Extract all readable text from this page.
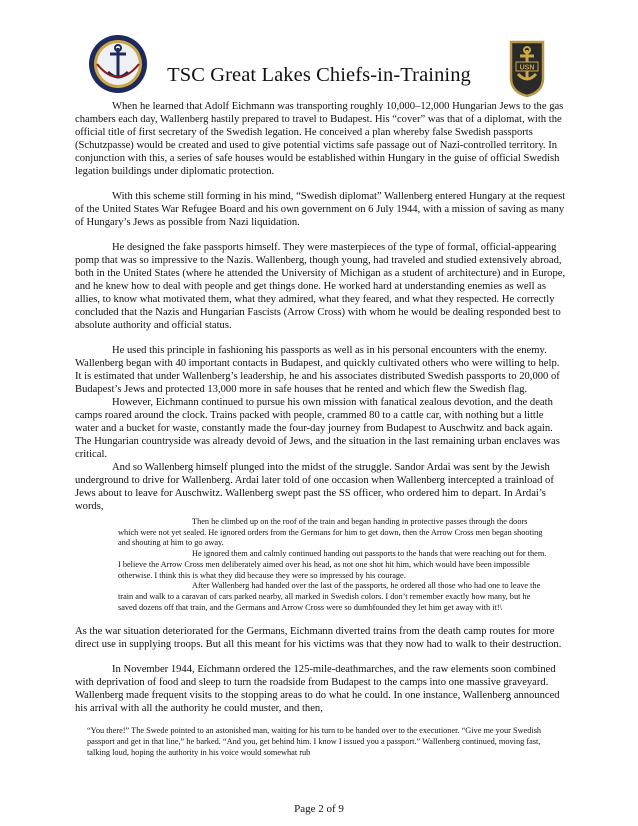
USN
TSC Great Lakes Chiefs-in-Training

When he learned that Adolf Eichmann was transporting roughly 10,000–12,000 Hungarian Jews to the gas chambers each day, Wallenberg hastily prepared to travel to Budapest. His “cover” was that of a diplomat, with the official title of first secretary of the Swedish legation. He conceived a plan whereby false Swedish passports (Schutzpasse) would be created and used to give potential victims safe passage out of Nazi-controlled territory. In conjunction with this, a series of safe houses would be established within Hungary in the guise of official Swedish legation buildings under diplomatic protection.

With this scheme still forming in his mind, “Swedish diplomat” Wallenberg entered Hungary at the request of the United States War Refugee Board and his own government on 6 July 1944, with a mission of saving as many of Hungary’s Jews as possible from Nazi liquidation.

He designed the fake passports himself. They were masterpieces of the type of formal, official-appearing pomp that was so impressive to the Nazis. Wallenberg, though young, had traveled and studied extensively abroad, both in the United States (where he attended the University of Michigan as a student of architecture) and in Europe, and he knew how to deal with people and get things done. He worked hard at understanding enemies as well as allies, to know what motivated them, what they admired, what they feared, and what they respected. He correctly concluded that the Nazis and Hungarian Fascists (Arrow Cross) with whom he would be dealing responded best to absolute authority and official status.

He used this principle in fashioning his passports as well as in his personal encounters with the enemy. Wallenberg began with 40 important contacts in Budapest, and quickly cultivated others who were willing to help. It is estimated that under Wallenberg’s leadership, he and his associates distributed Swedish passports to 20,000 of Budapest’s Jews and protected 13,000 more in safe houses that he rented and which flew the Swedish flag.

However, Eichmann continued to pursue his own mission with fanatical zealous devotion, and the death camps roared around the clock. Trains packed with people, crammed 80 to a cattle car, with nothing but a little water and a bucket for waste, constantly made the four-day journey from Budapest to Auschwitz and back again. The Hungarian countryside was already devoid of Jews, and the situation in the last remaining urban enclaves was critical.

And so Wallenberg himself plunged into the midst of the struggle. Sandor Ardai was sent by the Jewish underground to drive for Wallenberg. Ardai later told of one occasion when Wallenberg intercepted a trainload of Jews about to leave for Auschwitz. Wallenberg swept past the SS officer, who ordered him to depart. In Ardai’s words,

Then he climbed up on the roof of the train and began handing in protective passes through the doors which were not yet sealed. He ignored orders from the Germans for him to get down, then the Arrow Cross men began shooting and shouting at him to go away.
He ignored them and calmly continued handing out passports to the hands that were reaching out for them. I believe the Arrow Cross men deliberately aimed over his head, as not one shot hit him, which would have been impossible otherwise. I think this is what they did because they were so impressed by his courage.
After Wallenberg had handed over the last of the passports, he ordered all those who had one to leave the train and walk to a caravan of cars parked nearby, all marked in Swedish colors. I don’t remember exactly how many, but he saved dozens off that train, and the Germans and Arrow Cross were so dumbfounded they let him get away with it!\

As the war situation deteriorated for the Germans, Eichmann diverted trains from the death camp routes for more direct use in supplying troops. But all this meant for his victims was that they now had to walk to their destruction.

In November 1944, Eichmann ordered the 125-mile-deathmarches, and the raw elements soon combined with deprivation of food and sleep to turn the roadside from Budapest to the camps into one massive graveyard. Wallenberg made frequent visits to the stopping areas to do what he could. In one instance, Wallenberg announced his arrival with all the authority he could muster, and then,

“You there!” The Swede pointed to an astonished man, waiting for his turn to be handed over to the executioner. “Give me your Swedish passport and get in that line,” he barked. “And you, get behind him. I know I issued you a passport.” Wallenberg continued, moving fast, talking loud, hoping the authority in his voice would somewhat rub

Page 2 of 9
